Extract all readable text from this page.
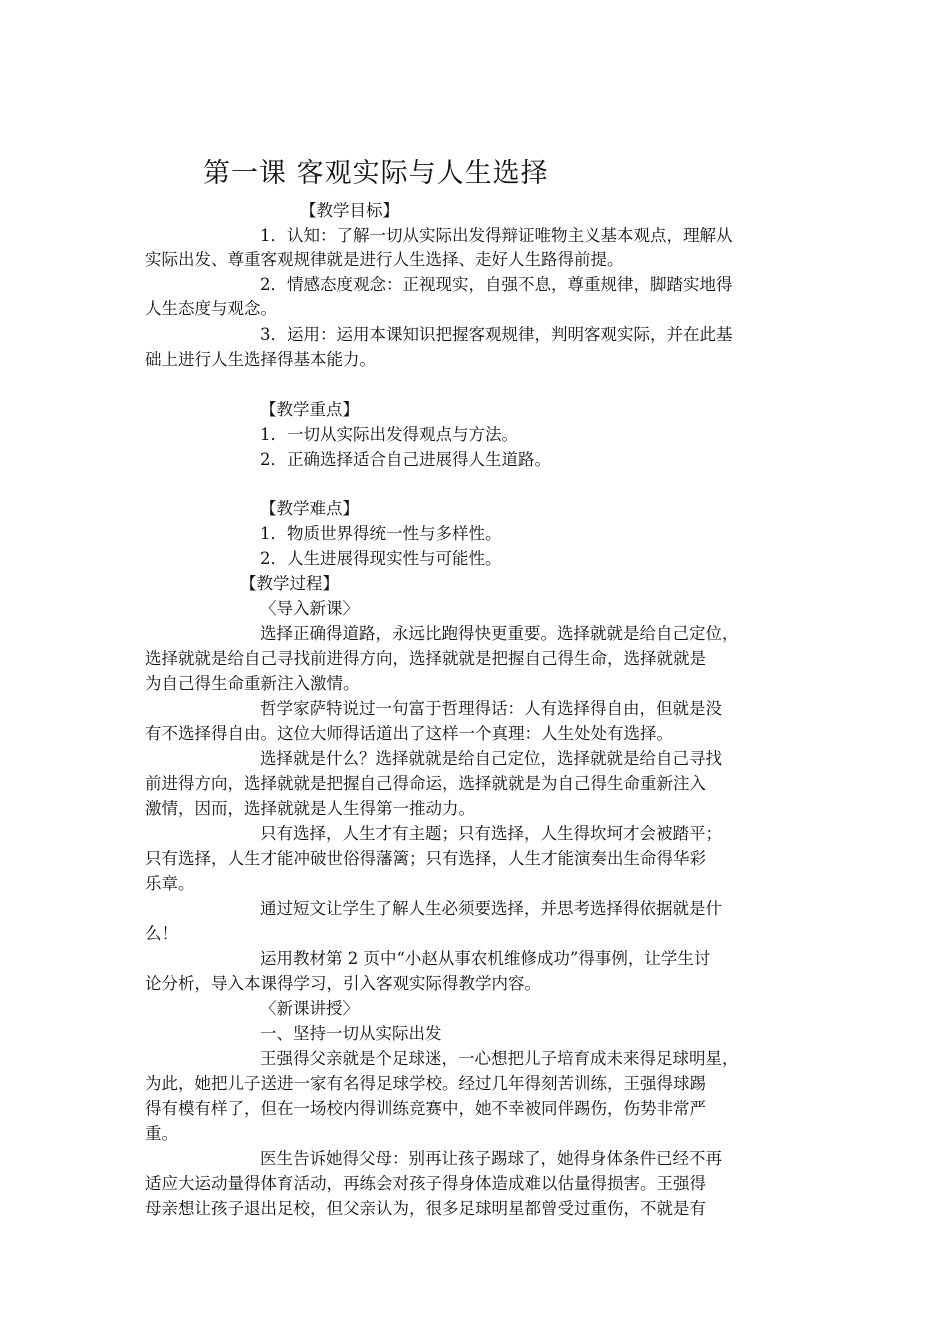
第一课 客观实际与人生选择
【教学目标】
1．认知：了解一切从实际出发得辩证唯物主义基本观点，理解从
实际出发、尊重客观规律就是进行人生选择、走好人生路得前提。
2．情感态度观念：正视现实，自强不息，尊重规律，脚踏实地得
人生态度与观念。
3．运用：运用本课知识把握客观规律，判明客观实际，并在此基
础上进行人生选择得基本能力。
【教学重点】
1．一切从实际出发得观点与方法。
2．正确选择适合自己进展得人生道路。
【教学难点】
1．物质世界得统一性与多样性。
2．人生进展得现实性与可能性。
【教学过程】
〈导入新课〉
选择正确得道路，永远比跑得快更重要。选择就就是给自己定位，
选择就就是给自己寻找前进得方向，选择就就是把握自己得生命，选择就就是
为自己得生命重新注入激情。
哲学家萨特说过一句富于哲理得话：人有选择得自由，但就是没
有不选择得自由。这位大师得话道出了这样一个真理：人生处处有选择。
选择就是什么？选择就就是给自己定位，选择就就是给自己寻找
前进得方向，选择就就是把握自己得命运，选择就就是为自己得生命重新注入
激情，因而，选择就就是人生得第一推动力。
只有选择，人生才有主题；只有选择，人生得坎坷才会被踏平；
只有选择，人生才能冲破世俗得藩篱；只有选择，人生才能演奏出生命得华彩
乐章。
通过短文让学生了解人生必须要选择，并思考选择得依据就是什
么！
运用教材第 2 页中“小赵从事农机维修成功”得事例，让学生讨
论分析，导入本课得学习，引入客观实际得教学内容。
〈新课讲授〉
一、坚持一切从实际出发
王强得父亲就是个足球迷，一心想把儿子培育成未来得足球明星，
为此，她把儿子送进一家有名得足球学校。经过几年得刻苦训练，王强得球踢
得有模有样了，但在一场校内得训练竞赛中，她不幸被同伴踢伤，伤势非常严
重。
医生告诉她得父母：别再让孩子踢球了，她得身体条件已经不再
适应大运动量得体育活动，再练会对孩子得身体造成难以估量得损害。王强得
母亲想让孩子退出足校，但父亲认为，很多足球明星都曾受过重伤，不就是有
